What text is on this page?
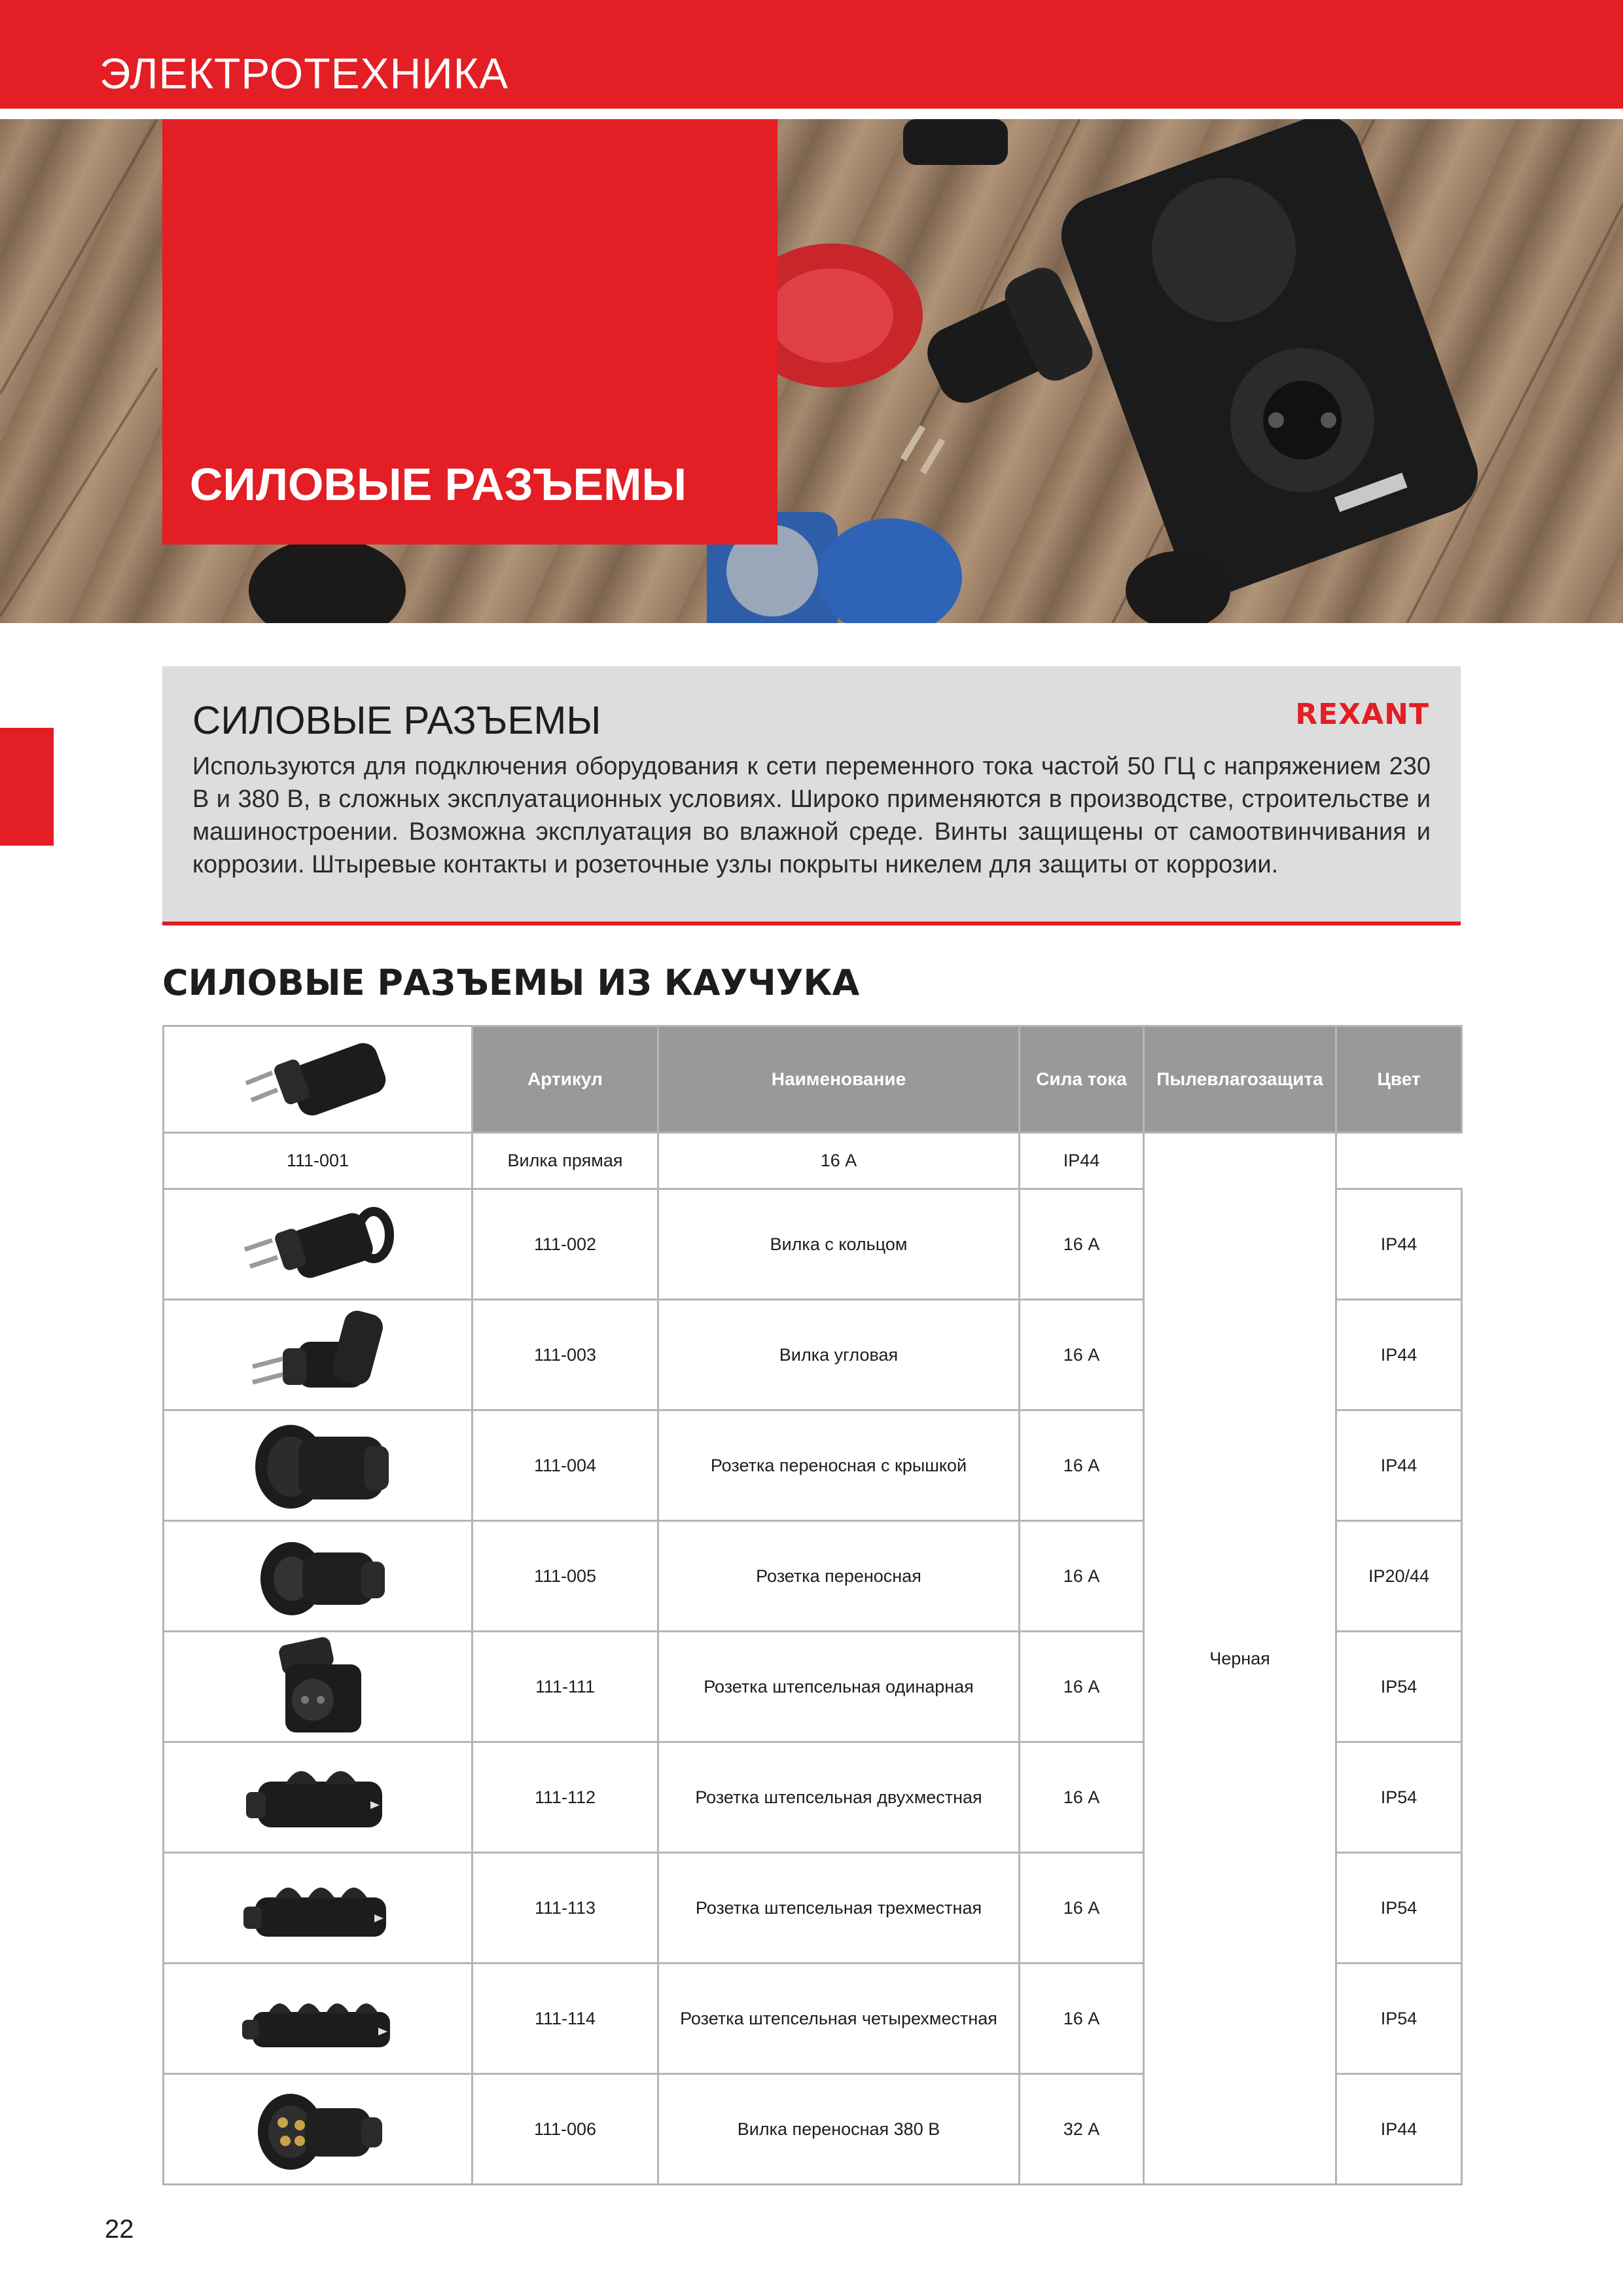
ЭЛЕКТРОТЕХНИКА
СИЛОВЫЕ РАЗЪЕМЫ
СИЛОВЫЕ РАЗЪЕМЫ	REXANT
Используются для подключения оборудования к сети переменного тока частой 50 ГЦ с напряжением 230 В и 380 В, в сложных эксплуатационных условиях. Широко применяются в производстве, строительстве и машиностроении. Возможна эксплуатация во влажной среде. Винты защищены от самоотвинчивания и коррозии. Штыревые контакты и розеточные узлы покрыты никелем для защиты от коррозии.
СИЛОВЫЕ РАЗЪЕМЫ ИЗ КАУЧУКА
	Артикул	Наименование	Сила тока	Пылевлагозащита	Цвет
111-001	Вилка прямая	16 А	IP44	Черная	

	111-002	Вилка с кольцом	16 А		IP44

	111-003	Вилка угловая	16 А		IP44

	111-004	Розетка переносная с крышкой	16 А		IP44

	111-005	Розетка переносная	16 А		IP20/44

	111-111	Розетка штепсельная одинарная	16 А		IP54

	111-112	Розетка штепсельная двухместная	16 А		IP54

	111-113	Розетка штепсельная трехместная	16 А		IP54

	111-114	Розетка штепсельная четырехместная	16 А		IP54

	111-006	Вилка переносная 380 В	32 А		IP44
22
